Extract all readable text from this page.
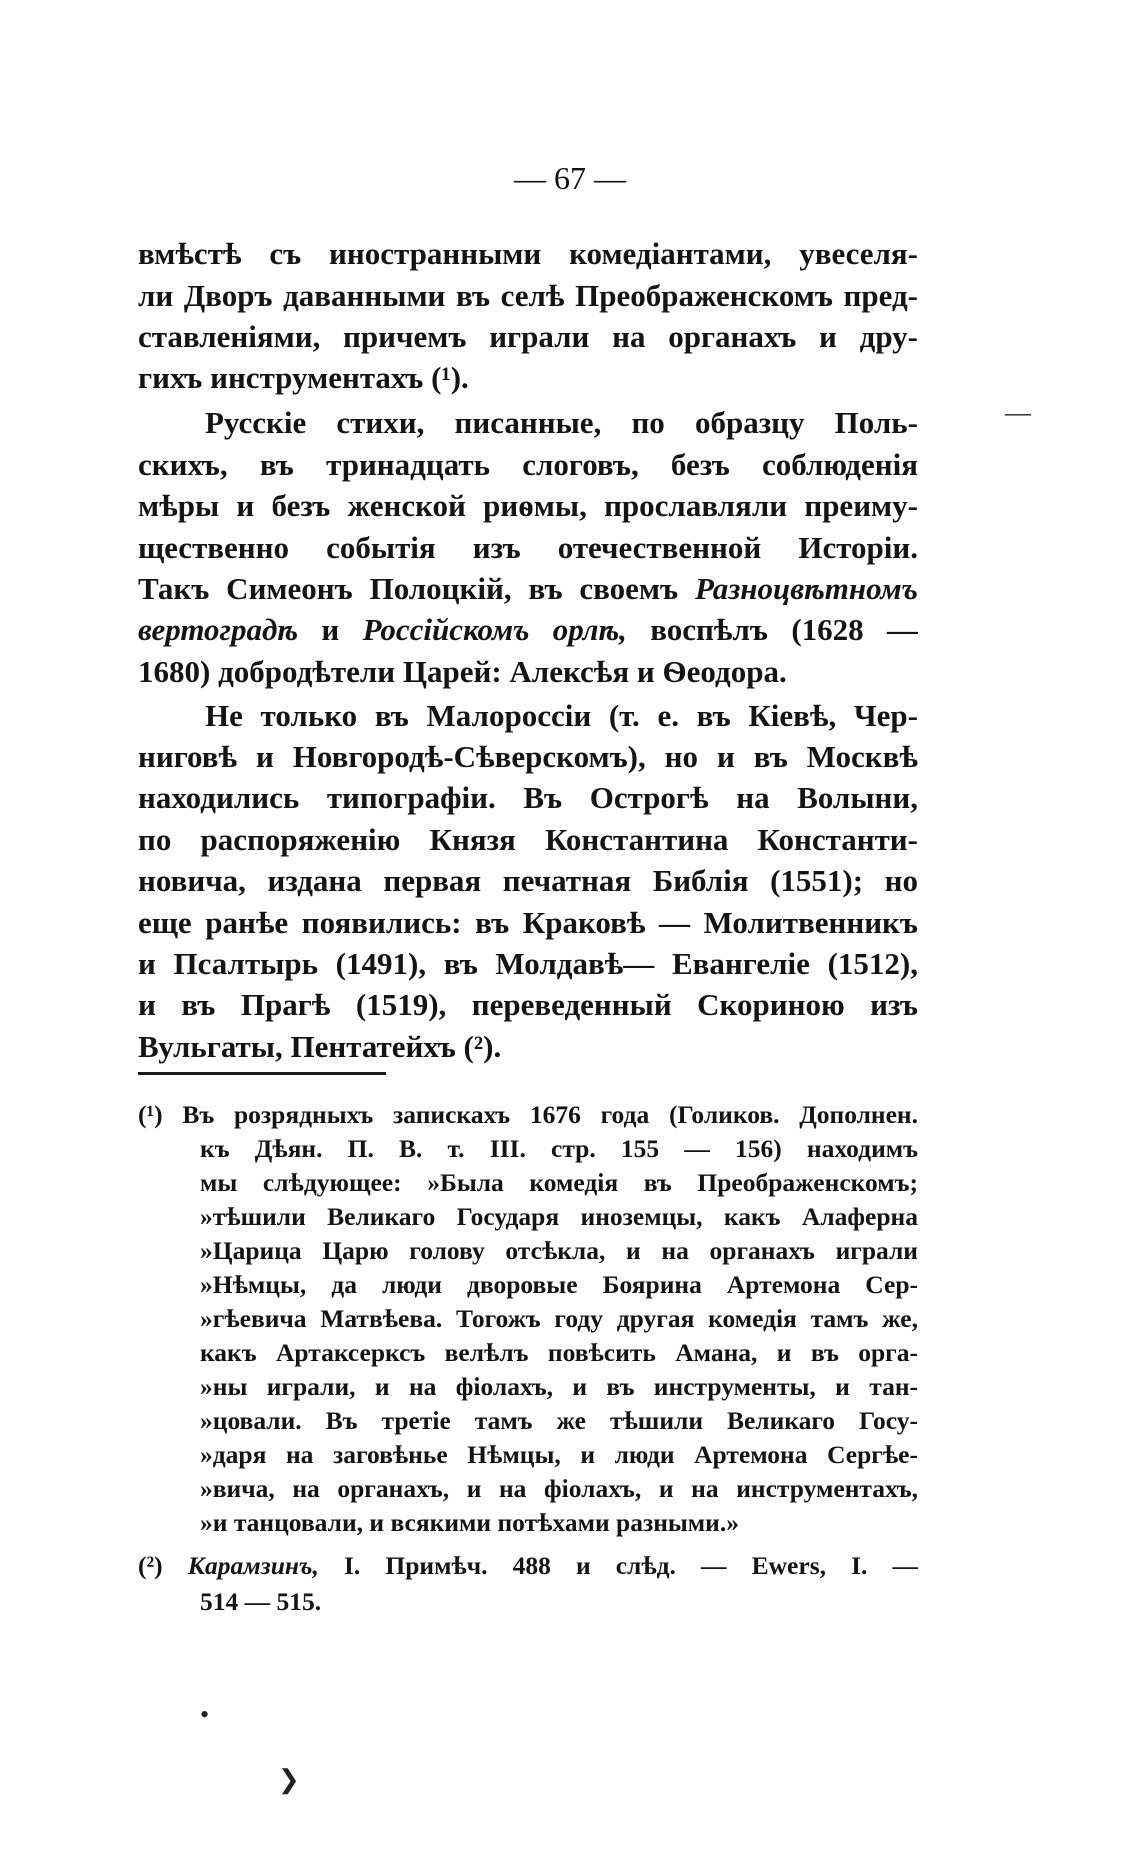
— 67 —
вмѣстѣ съ иностранными комедіантами, увеселя-
ли Дворъ даванными въ селѣ Преображенскомъ пред-
ставленіями, причемъ играли на органахъ и дру-
гихъ инструментахъ (¹).
Русскіе стихи, писанные, по образцу Поль-
скихъ, въ тринадцать слоговъ, безъ соблюденія
мѣры и безъ женской риѳмы, прославляли преиму-
щественно событія изъ отечественной Исторіи.
Такъ Симеонъ Полоцкій, въ своемъ Разноцвѣтномъ
вертоградѣ и Россійскомъ орлѣ, воспѣлъ (1628 —
1680) добродѣтели Царей: Алексѣя и Ѳеодора.
Не только въ Малороссіи (т. е. въ Кіевѣ, Чер-
ниговѣ и Новгородѣ-Сѣверскомъ), но и въ Москвѣ
находились типографіи. Въ Острогѣ на Волыни,
по распоряженію Князя Константина Константи-
новича, издана первая печатная Библія (1551); но
еще ранѣе появились: въ Краковѣ — Молитвенникъ
и Псалтырь (1491), въ Молдавѣ— Евангеліе (1512),
и въ Прагѣ (1519), переведенный Скориною изъ
Вульгаты, Пентатейхъ (²).
(¹) Въ розрядныхъ запискахъ 1676 года (Голиков. Дополнен.
къ Дѣян. П. В. т. III. стр. 155 — 156) находимъ
мы слѣдующее: »Была комедія въ Преображенскомъ;
»тѣшили Великаго Государя иноземцы, какъ Алаферна
»Царица Царю голову отсѣкла, и на органахъ играли
»Нѣмцы, да люди дворовые Боярина Артемона Сер-
»гѣевича Матвѣева. Тогожъ году другая комедія тамъ же,
какъ Артаксерксъ велѣлъ повѣсить Амана, и въ орга-
»ны играли, и на фіолахъ, и въ инструменты, и тан-
»цовали. Въ третіе тамъ же тѣшили Великаго Госу-
»даря на заговѣнье Нѣмцы, и люди Артемона Сергѣе-
»вича, на органахъ, и на фіолахъ, и на инструментахъ,
»и танцовали, и всякими потѣхами разными.»
(²) Карамзинъ, I. Примѣч. 488 и слѣд. — Ewers, I. —
514 — 515.
—
•
❯
